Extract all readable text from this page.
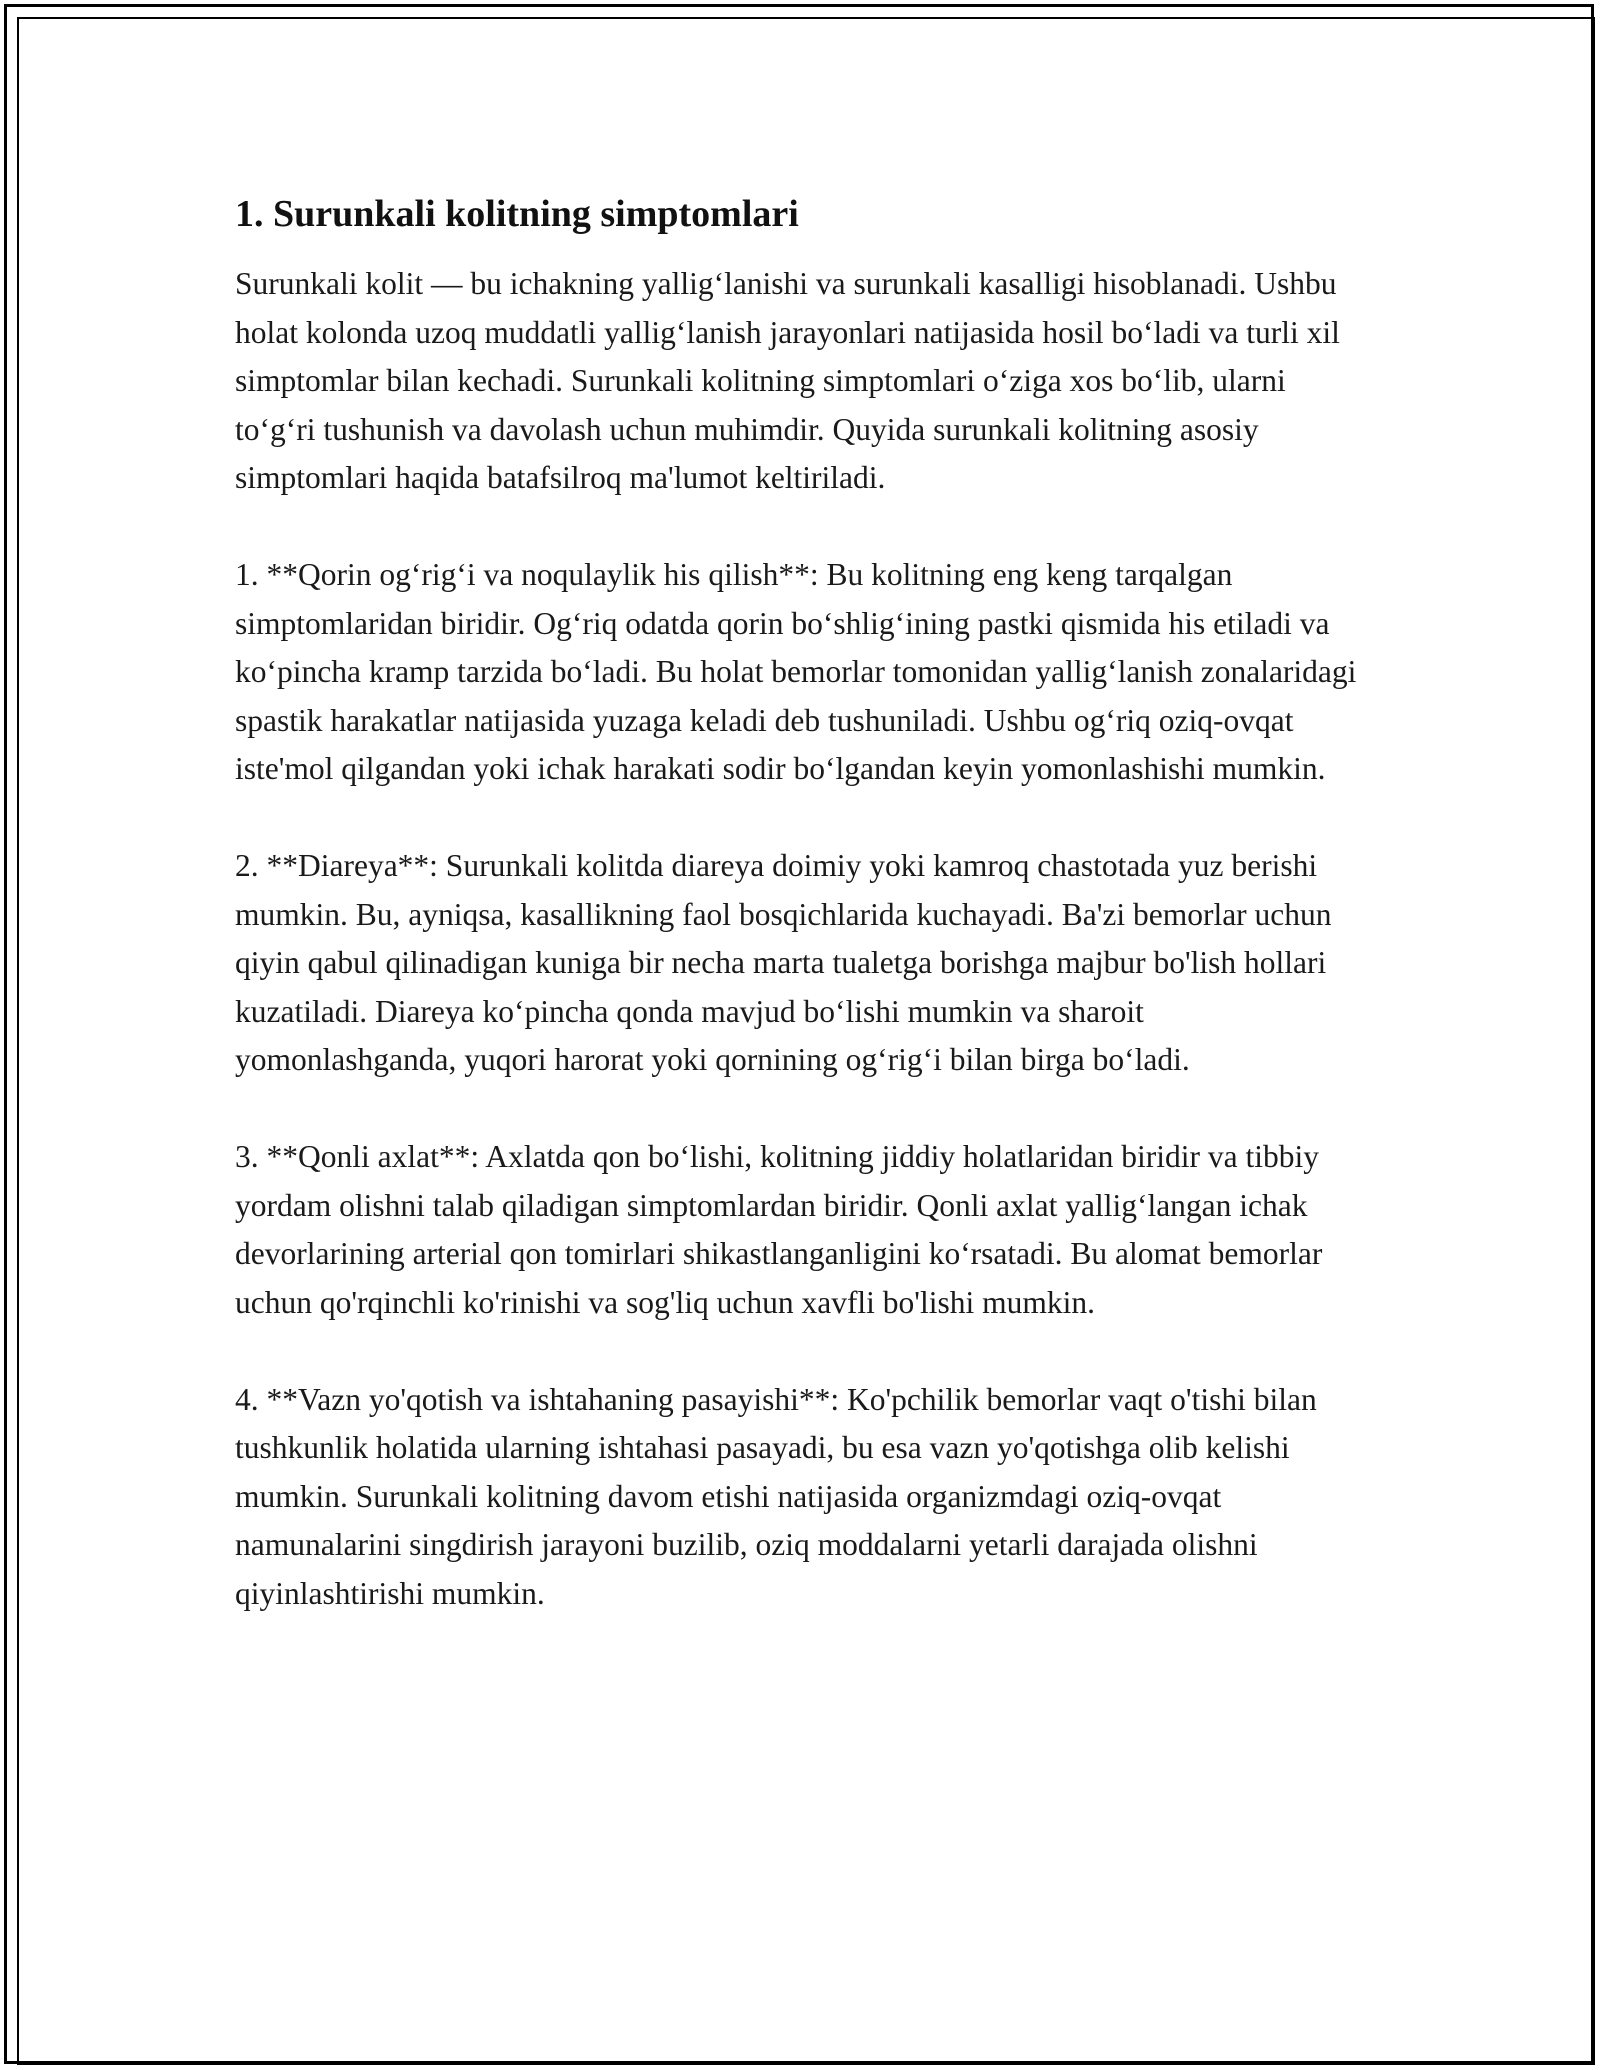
1. Surunkali kolitning simptomlari

Surunkali kolit — bu ichakning yallig‘lanishi va surunkali kasalligi hisoblanadi. Ushbu holat kolonda uzoq muddatli yallig‘lanish jarayonlari natijasida hosil bo‘ladi va turli xil simptomlar bilan kechadi. Surunkali kolitning simptomlari o‘ziga xos bo‘lib, ularni to‘g‘ri tushunish va davolash uchun muhimdir. Quyida surunkali kolitning asosiy simptomlari haqida batafsilroq ma'lumot keltiriladi.

1. **Qorin og‘rig‘i va noqulaylik his qilish**: Bu kolitning eng keng tarqalgan simptomlaridan biridir. Og‘riq odatda qorin bo‘shlig‘ining pastki qismida his etiladi va ko‘pincha kramp tarzida bo‘ladi. Bu holat bemorlar tomonidan yallig‘lanish zonalaridagi spastik harakatlar natijasida yuzaga keladi deb tushuniladi. Ushbu og‘riq oziq-ovqat iste'mol qilgandan yoki ichak harakati sodir bo‘lgandan keyin yomonlashishi mumkin.

2. **Diareya**: Surunkali kolitda diareya doimiy yoki kamroq chastotada yuz berishi mumkin. Bu, ayniqsa, kasallikning faol bosqichlarida kuchayadi. Ba'zi bemorlar uchun qiyin qabul qilinadigan kuniga bir necha marta tualetga borishga majbur bo'lish hollari kuzatiladi. Diareya ko‘pincha qonda mavjud bo‘lishi mumkin va sharoit yomonlashganda, yuqori harorat yoki qornining og‘rig‘i bilan birga bo‘ladi.

3. **Qonli axlat**: Axlatda qon bo‘lishi, kolitning jiddiy holatlaridan biridir va tibbiy yordam olishni talab qiladigan simptomlardan biridir. Qonli axlat yallig‘langan ichak devorlarining arterial qon tomirlari shikastlanganligini ko‘rsatadi. Bu alomat bemorlar uchun qo'rqinchli ko'rinishi va sog'liq uchun xavfli bo'lishi mumkin.

4. **Vazn yo'qotish va ishtahaning pasayishi**: Ko'pchilik bemorlar vaqt o'tishi bilan tushkunlik holatida ularning ishtahasi pasayadi, bu esa vazn yo'qotishga olib kelishi mumkin. Surunkali kolitning davom etishi natijasida organizmdagi oziq-ovqat namunalarini singdirish jarayoni buzilib, oziq moddalarni yetarli darajada olishni qiyinlashtirishi mumkin.
